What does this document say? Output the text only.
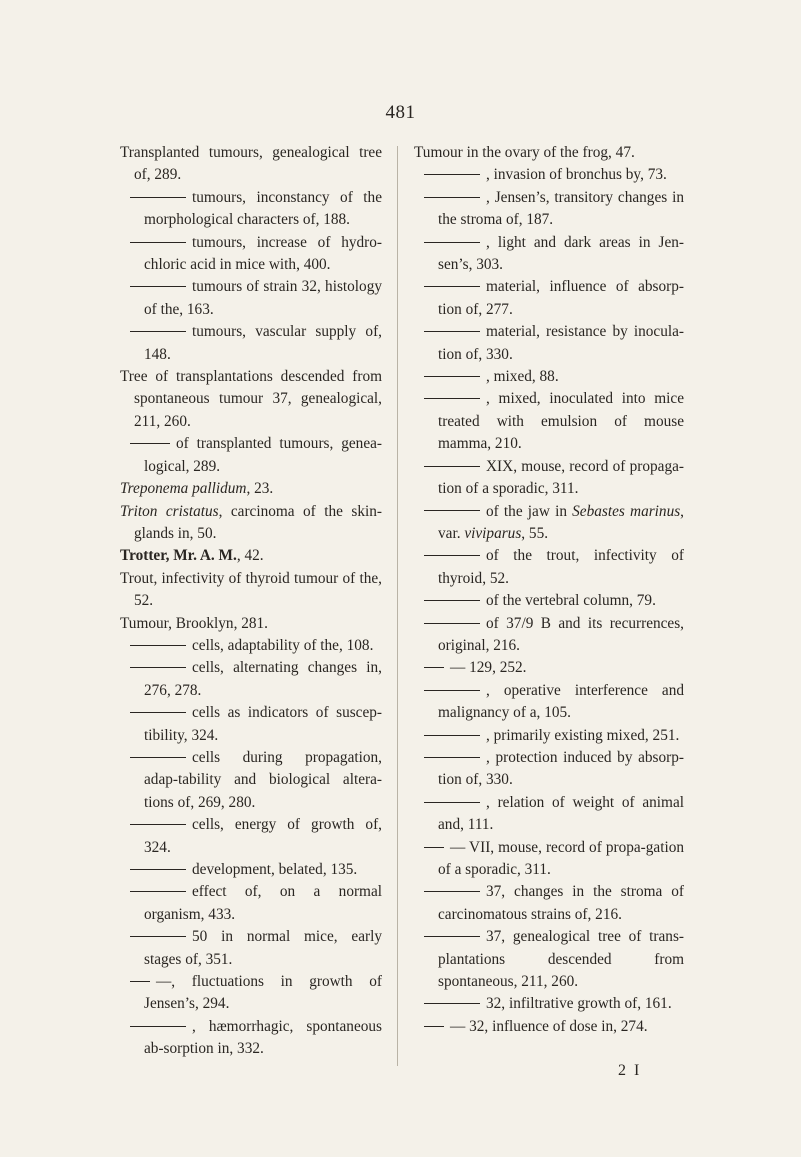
481

Transplanted tumours, genealogical tree of, 289.

tumours, inconstancy of the morphological characters of, 188.

tumours, increase of hydro-chloric acid in mice with, 400.

tumours of strain 32, histology of the, 163.

tumours, vascular supply of, 148.

Tree of transplantations descended from spontaneous tumour 37, genealogical, 211, 260.

of transplanted tumours, genea-logical, 289.

Treponema pallidum, 23.

Triton cristatus, carcinoma of the skin-glands in, 50.

Trotter, Mr. A. M., 42.

Trout, infectivity of thyroid tumour of the, 52.

Tumour, Brooklyn, 281.

cells, adaptability of the, 108.

cells, alternating changes in, 276, 278.

cells as indicators of suscep-tibility, 324.

cells during propagation, adap-tability and biological altera-tions of, 269, 280.

cells, energy of growth of, 324.

development, belated, 135.

effect of, on a normal organism, 433.

50 in normal mice, early stages of, 351.

—, fluctuations in growth of Jensen’s, 294.

, hæmorrhagic, spontaneous ab-sorption in, 332.

Tumour in the ovary of the frog, 47.

, invasion of bronchus by, 73.

, Jensen’s, transitory changes in the stroma of, 187.

, light and dark areas in Jen-sen’s, 303.

material, influence of absorp-tion of, 277.

material, resistance by inocula-tion of, 330.

, mixed, 88.

, mixed, inoculated into mice treated with emulsion of mouse mamma, 210.

XIX, mouse, record of propaga-tion of a sporadic, 311.

of the jaw in Sebastes marinus, var. viviparus, 55.

of the trout, infectivity of thyroid, 52.

of the vertebral column, 79.

of 37/9 B and its recurrences, original, 216.

— 129, 252.

, operative interference and malignancy of a, 105.

, primarily existing mixed, 251.

, protection induced by absorp-tion of, 330.

, relation of weight of animal and, 111.

— VII, mouse, record of propa-gation of a sporadic, 311.

37, changes in the stroma of carcinomatous strains of, 216.

37, genealogical tree of trans-plantations descended from spontaneous, 211, 260.

32, infiltrative growth of, 161.

— 32, influence of dose in, 274.

2 I
